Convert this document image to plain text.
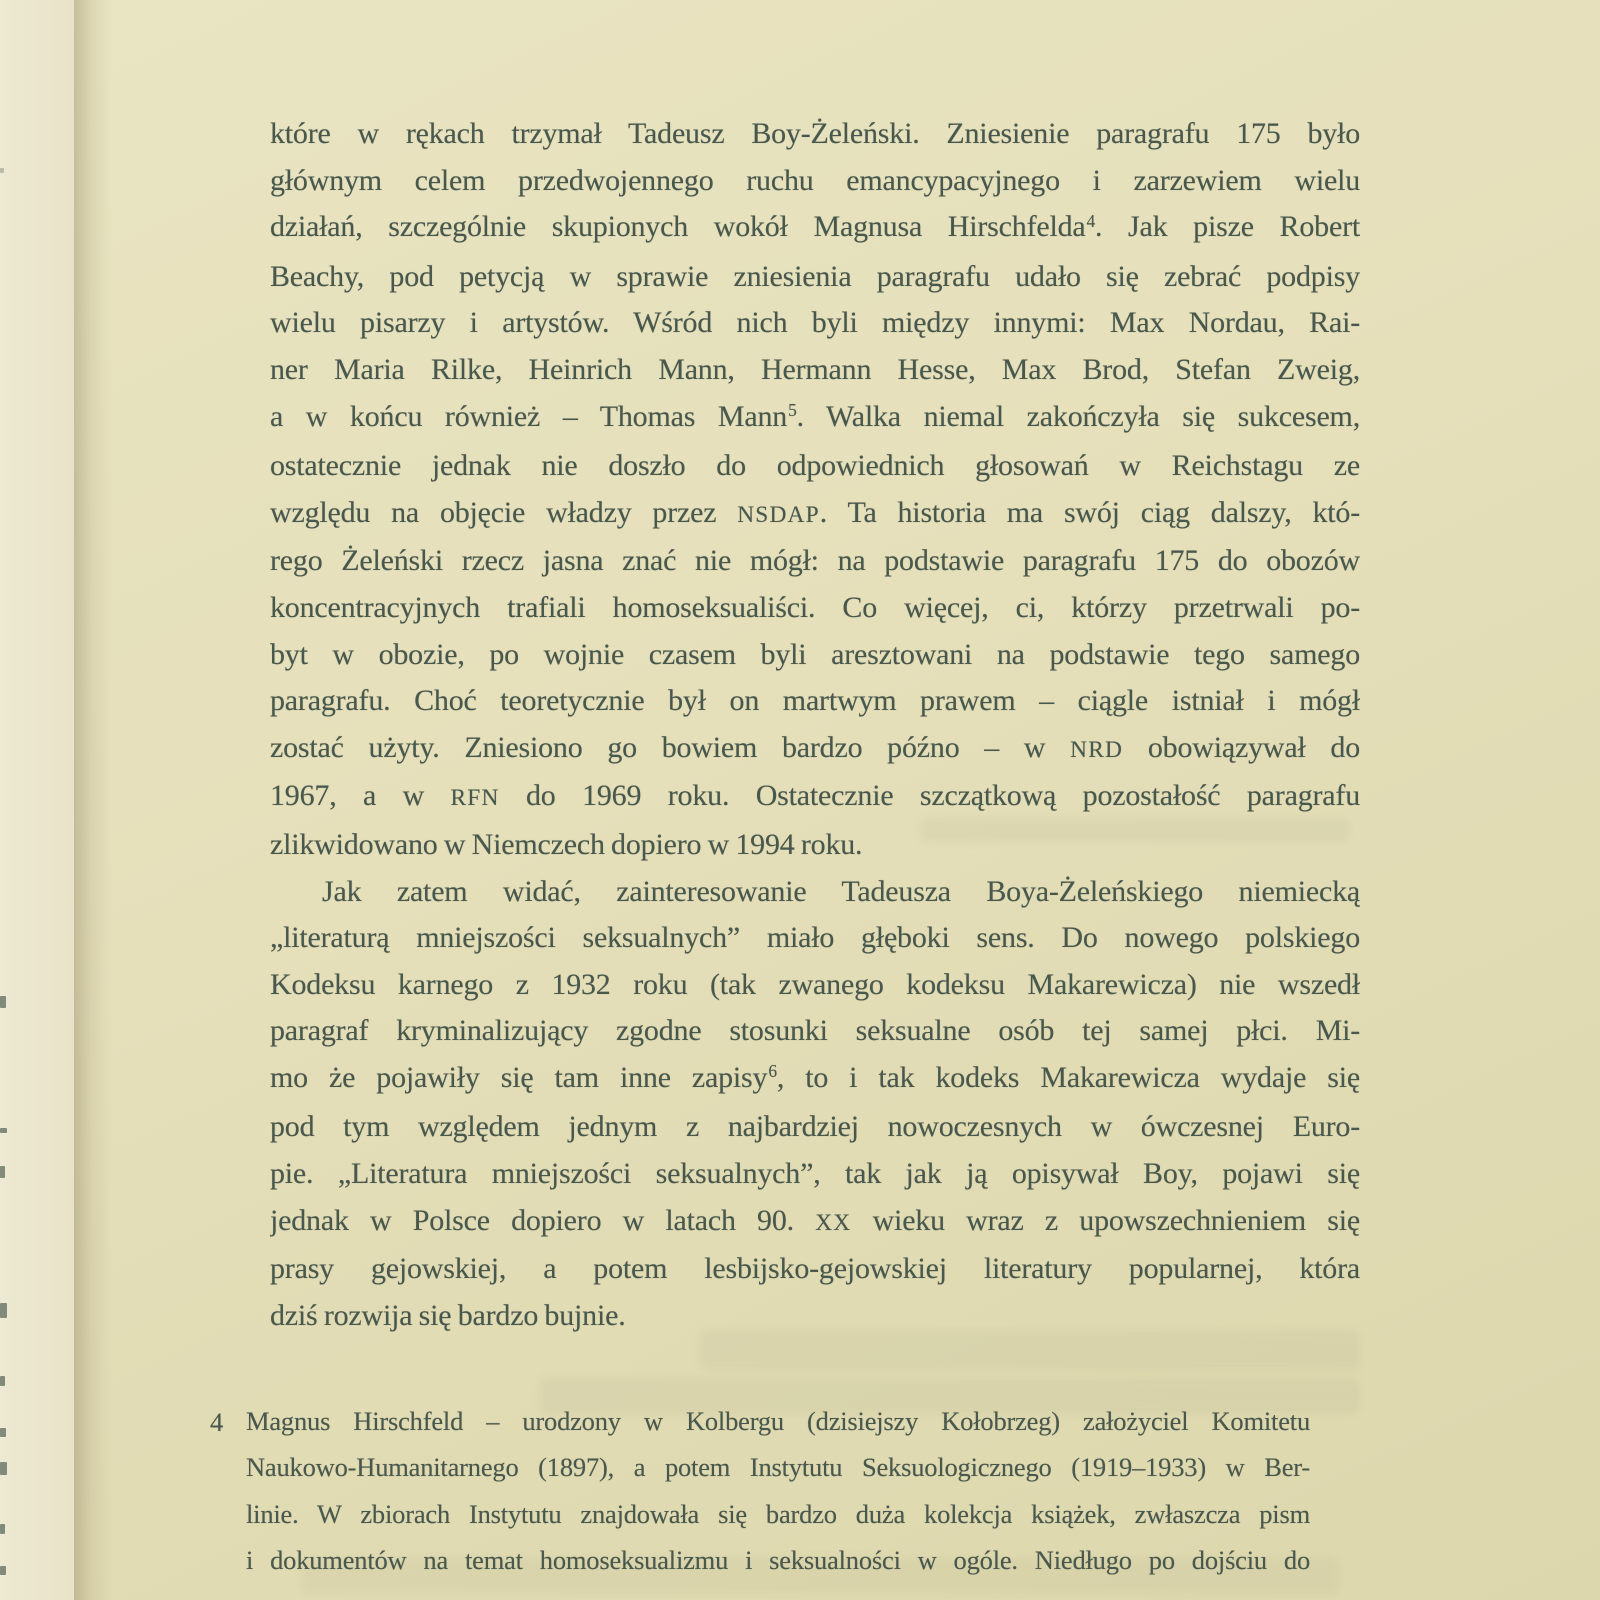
które w rękach trzymał Tadeusz Boy-Żeleński. Zniesienie paragrafu 175 było
głównym celem przedwojennego ruchu emancypacyjnego i zarzewiem wielu
działań, szczególnie skupionych wokół Magnusa Hirschfelda$^4$. Jak pisze Robert
Beachy, pod petycją w sprawie zniesienia paragrafu udało się zebrać podpisy
wielu pisarzy i artystów. Wśród nich byli między innymi: Max Nordau, Rai-
ner Maria Rilke, Heinrich Mann, Hermann Hesse, Max Brod, Stefan Zweig,
a w końcu również – Thomas Mann$^5$. Walka niemal zakończyła się sukcesem,
ostatecznie jednak nie doszło do odpowiednich głosowań w Reichstagu ze
względu na objęcie władzy przez NSDAP. Ta historia ma swój ciąg dalszy, któ-
rego Żeleński rzecz jasna znać nie mógł: na podstawie paragrafu 175 do obozów
koncentracyjnych trafiali homoseksualiści. Co więcej, ci, którzy przetrwali po-
byt w obozie, po wojnie czasem byli aresztowani na podstawie tego samego
paragrafu. Choć teoretycznie był on martwym prawem – ciągle istniał i mógł
zostać użyty. Zniesiono go bowiem bardzo późno – w NRD obowiązywał do
1967, a w RFN do 1969 roku. Ostatecznie szczątkową pozostałość paragrafu
zlikwidowano w Niemczech dopiero w 1994 roku.
Jak zatem widać, zainteresowanie Tadeusza Boya-Żeleńskiego niemiecką
„literaturą mniejszości seksualnych” miało głęboki sens. Do nowego polskiego
Kodeksu karnego z 1932 roku (tak zwanego kodeksu Makarewicza) nie wszedł
paragraf kryminalizujący zgodne stosunki seksualne osób tej samej płci. Mi-
mo że pojawiły się tam inne zapisy$^6$, to i tak kodeks Makarewicza wydaje się
pod tym względem jednym z najbardziej nowoczesnych w ówczesnej Euro-
pie. „Literatura mniejszości seksualnych”, tak jak ją opisywał Boy, pojawi się
jednak w Polsce dopiero w latach 90. XX wieku wraz z upowszechnieniem się
prasy gejowskiej, a potem lesbijsko-gejowskiej literatury popularnej, która
dziś rozwija się bardzo bujnie.
4 Magnus Hirschfeld – urodzony w Kolbergu (dzisiejszy Kołobrzeg) założyciel Komitetu
Naukowo-Humanitarnego (1897), a potem Instytutu Seksuologicznego (1919–1933) w Ber-
linie. W zbiorach Instytutu znajdowała się bardzo duża kolekcja książek, zwłaszcza pism
i dokumentów na temat homoseksualizmu i seksualności w ogóle. Niedługo po dojściu do
